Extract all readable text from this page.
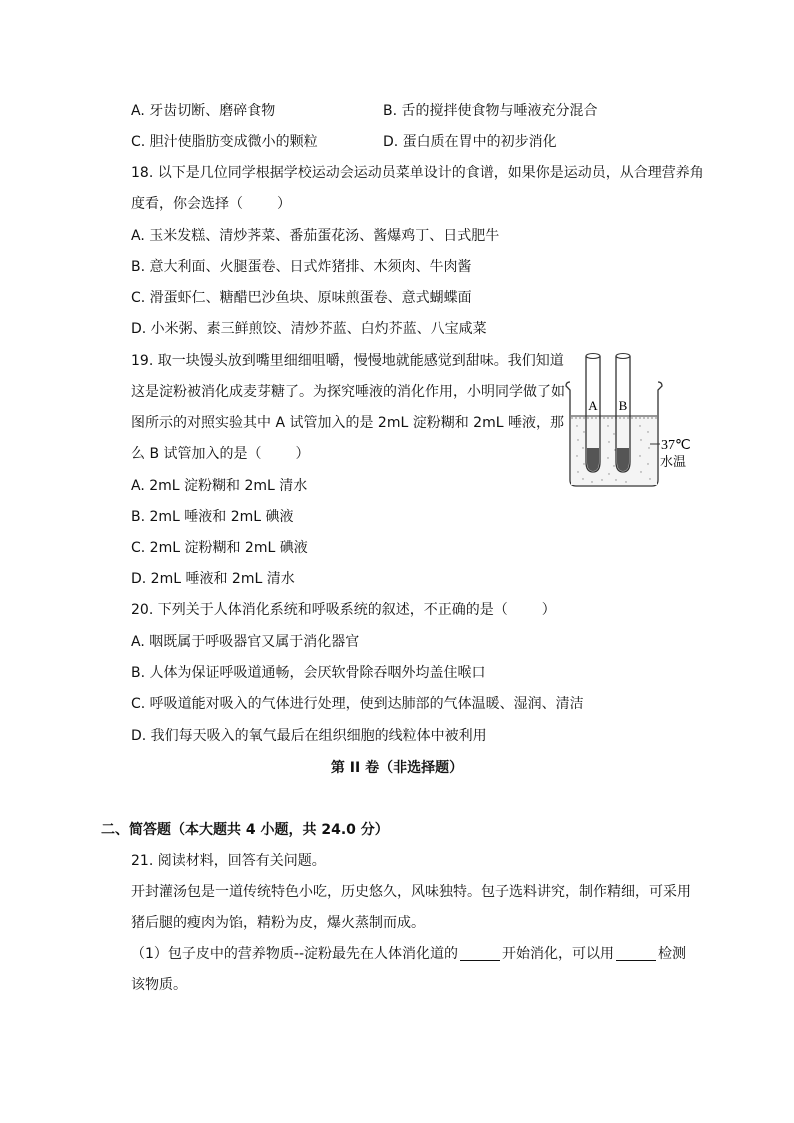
A. 牙齿切断、磨碎食物	B. 舌的搅拌使食物与唾液充分混合
C. 胆汁使脂肪变成微小的颗粒	D. 蛋白质在胃中的初步消化
18. 以下是几位同学根据学校运动会运动员菜单设计的食谱，如果你是运动员，从合理营养角
度看，你会选择（ ）
A. 玉米发糕、清炒荠菜、番茄蛋花汤、酱爆鸡丁、日式肥牛
B. 意大利面、火腿蛋卷、日式炸猪排、木须肉、牛肉酱
C. 滑蛋虾仁、糖醋巴沙鱼块、原味煎蛋卷、意式蝴蝶面
D. 小米粥、素三鲜煎饺、清炒芥蓝、白灼芥蓝、八宝咸菜
19. 取一块馒头放到嘴里细细咀嚼，慢慢地就能感觉到甜味。我们知道
这是淀粉被消化成麦芽糖了。为探究唾液的消化作用，小明同学做了如
图所示的对照实验其中 A 试管加入的是 2mL 淀粉糊和 2mL 唾液，那
么 B 试管加入的是（ ）
A. 2mL 淀粉糊和 2mL 清水
B. 2mL 唾液和 2mL 碘液
C. 2mL 淀粉糊和 2mL 碘液
D. 2mL 唾液和 2mL 清水
A B
37℃
水温
20. 下列关于人体消化系统和呼吸系统的叙述，不正确的是（ ）
A. 咽既属于呼吸器官又属于消化器官
B. 人体为保证呼吸道通畅，会厌软骨除吞咽外均盖住喉口
C. 呼吸道能对吸入的气体进行处理，使到达肺部的气体温暖、湿润、清洁
D. 我们每天吸入的氧气最后在组织细胞的线粒体中被利用
第 II 卷（非选择题）
二、简答题（本大题共 4 小题，共 24.0 分）
21. 阅读材料，回答有关问题。
开封灌汤包是一道传统特色小吃，历史悠久，风味独特。包子选料讲究，制作精细，可采用
猪后腿的瘦肉为馅，精粉为皮，爆火蒸制而成。
（1）包子皮中的营养物质--淀粉最先在人体消化道的	开始消化，可以用	检测
该物质。
